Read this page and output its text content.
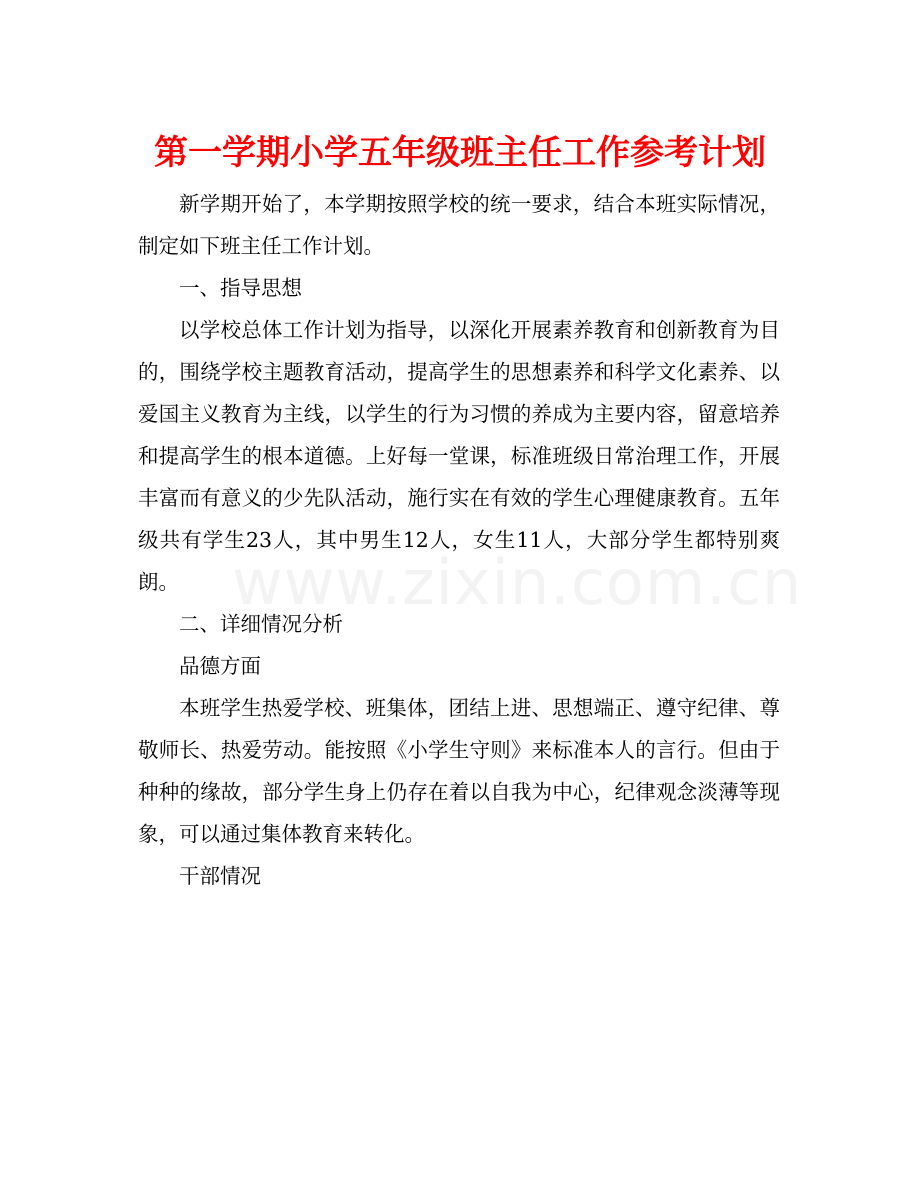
www.zixin.com.cn
第一学期小学五年级班主任工作参考计划

新学期开始了，本学期按照学校的统一要求，结合本班实际情况，制定如下班主任工作计划。

一、指导思想

以学校总体工作计划为指导，以深化开展素养教育和创新教育为目的，围绕学校主题教育活动，提高学生的思想素养和科学文化素养、以爱国主义教育为主线，以学生的行为习惯的养成为主要内容，留意培养和提高学生的根本道德。上好每一堂课，标准班级日常治理工作，开展丰富而有意义的少先队活动，施行实在有效的学生心理健康教育。五年级共有学生23人，其中男生12人，女生11人，大部分学生都特别爽朗。

二、详细情况分析

品德方面

本班学生热爱学校、班集体，团结上进、思想端正、遵守纪律、尊敬师长、热爱劳动。能按照《小学生守则》来标准本人的言行。但由于种种的缘故，部分学生身上仍存在着以自我为中心，纪律观念淡薄等现象，可以通过集体教育来转化。

干部情况
